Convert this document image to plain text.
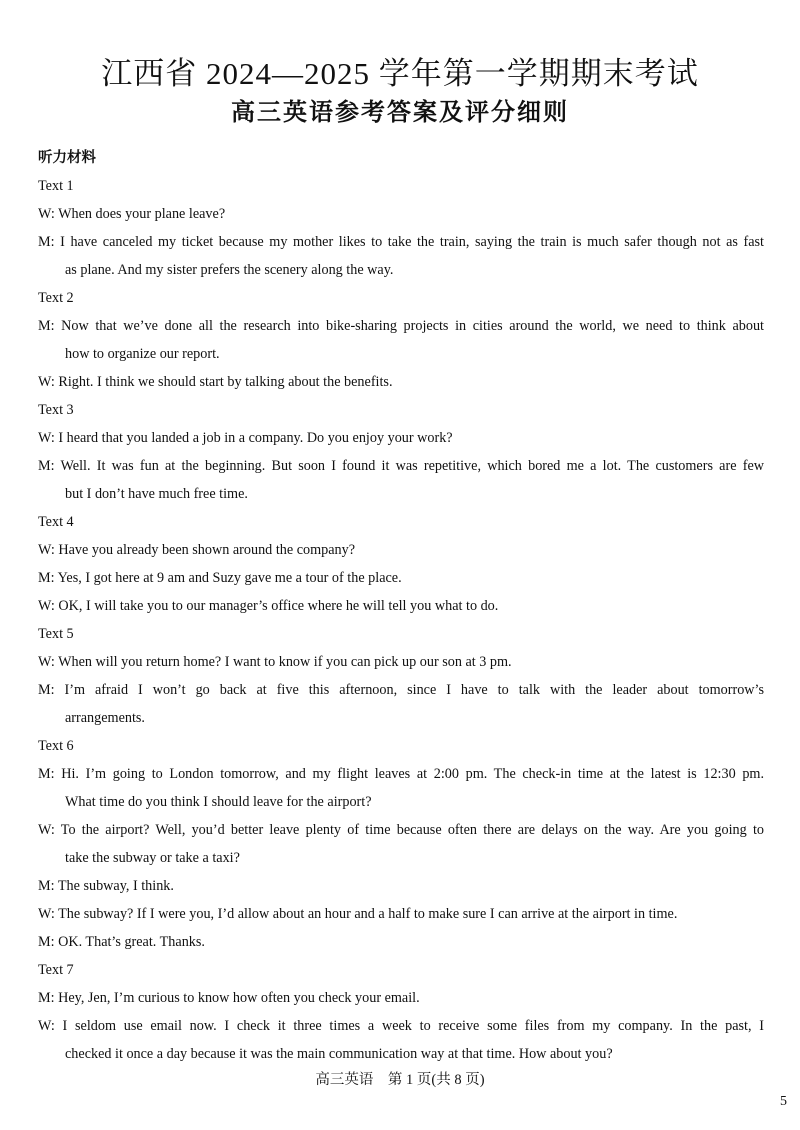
江西省 2024—2025 学年第一学期期末考试
高三英语参考答案及评分细则

听力材料

Text 1

W: When does your plane leave?

M: I have canceled my ticket because my mother likes to take the train, saying the train is much safer though not as fast
as plane. And my sister prefers the scenery along the way.

Text 2

M: Now that we’ve done all the research into bike-sharing projects in cities around the world, we need to think about
how to organize our report.

W: Right. I think we should start by talking about the benefits.

Text 3

W: I heard that you landed a job in a company. Do you enjoy your work?

M: Well. It was fun at the beginning. But soon I found it was repetitive, which bored me a lot. The customers are few
but I don’t have much free time.

Text 4

W: Have you already been shown around the company?

M: Yes, I got here at 9 am and Suzy gave me a tour of the place.

W: OK, I will take you to our manager’s office where he will tell you what to do.

Text 5

W: When will you return home? I want to know if you can pick up our son at 3 pm.

M: I’m afraid I won’t go back at five this afternoon, since I have to talk with the leader about tomorrow’s
arrangements.

Text 6

M: Hi. I’m going to London tomorrow, and my flight leaves at 2:00 pm. The check-in time at the latest is 12:30 pm.
What time do you think I should leave for the airport?

W: To the airport? Well, you’d better leave plenty of time because often there are delays on the way. Are you going to
take the subway or take a taxi?

M: The subway, I think.

W: The subway? If I were you, I’d allow about an hour and a half to make sure I can arrive at the airport in time.

M: OK. That’s great. Thanks.

Text 7

M: Hey, Jen, I’m curious to know how often you check your email.

W: I seldom use email now. I check it three times a week to receive some files from my company. In the past, I
checked it once a day because it was the main communication way at that time. How about you?

高三英语　第 1 页(共 8 页)
5
